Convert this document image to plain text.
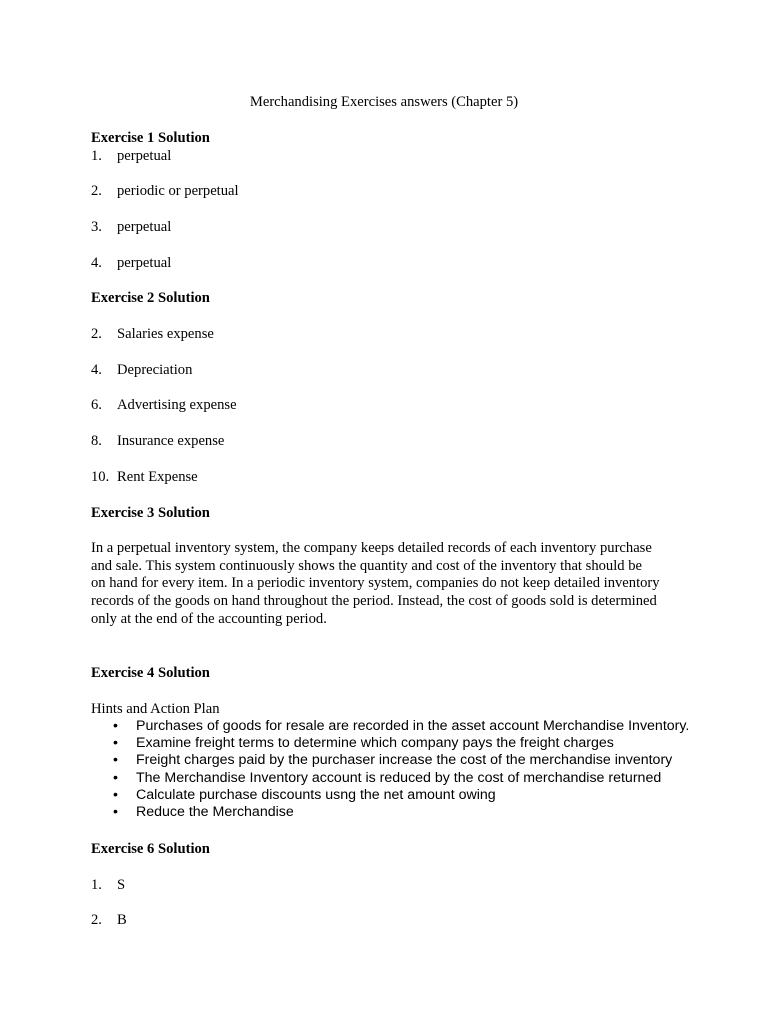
Merchandising Exercises answers (Chapter 5)
Exercise 1 Solution
1. perpetual
2. periodic or perpetual
3. perpetual
4. perpetual
Exercise 2 Solution
2. Salaries expense
4. Depreciation
6. Advertising expense
8. Insurance expense
10. Rent Expense
Exercise 3 Solution
In a perpetual inventory system, the company keeps detailed records of each inventory purchase
and sale. This system continuously shows the quantity and cost of the inventory that should be
on hand for every item. In a periodic inventory system, companies do not keep detailed inventory
records of the goods on hand throughout the period. Instead, the cost of goods sold is determined
only at the end of the accounting period.
Exercise 4 Solution
Hints and Action Plan
• Purchases of goods for resale are recorded in the asset account Merchandise Inventory.
• Examine freight terms to determine which company pays the freight charges
• Freight charges paid by the purchaser increase the cost of the merchandise inventory
• The Merchandise Inventory account is reduced by the cost of merchandise returned
• Calculate purchase discounts usng the net amount owing
• Reduce the Merchandise
Exercise 6 Solution
1. S
2. B
